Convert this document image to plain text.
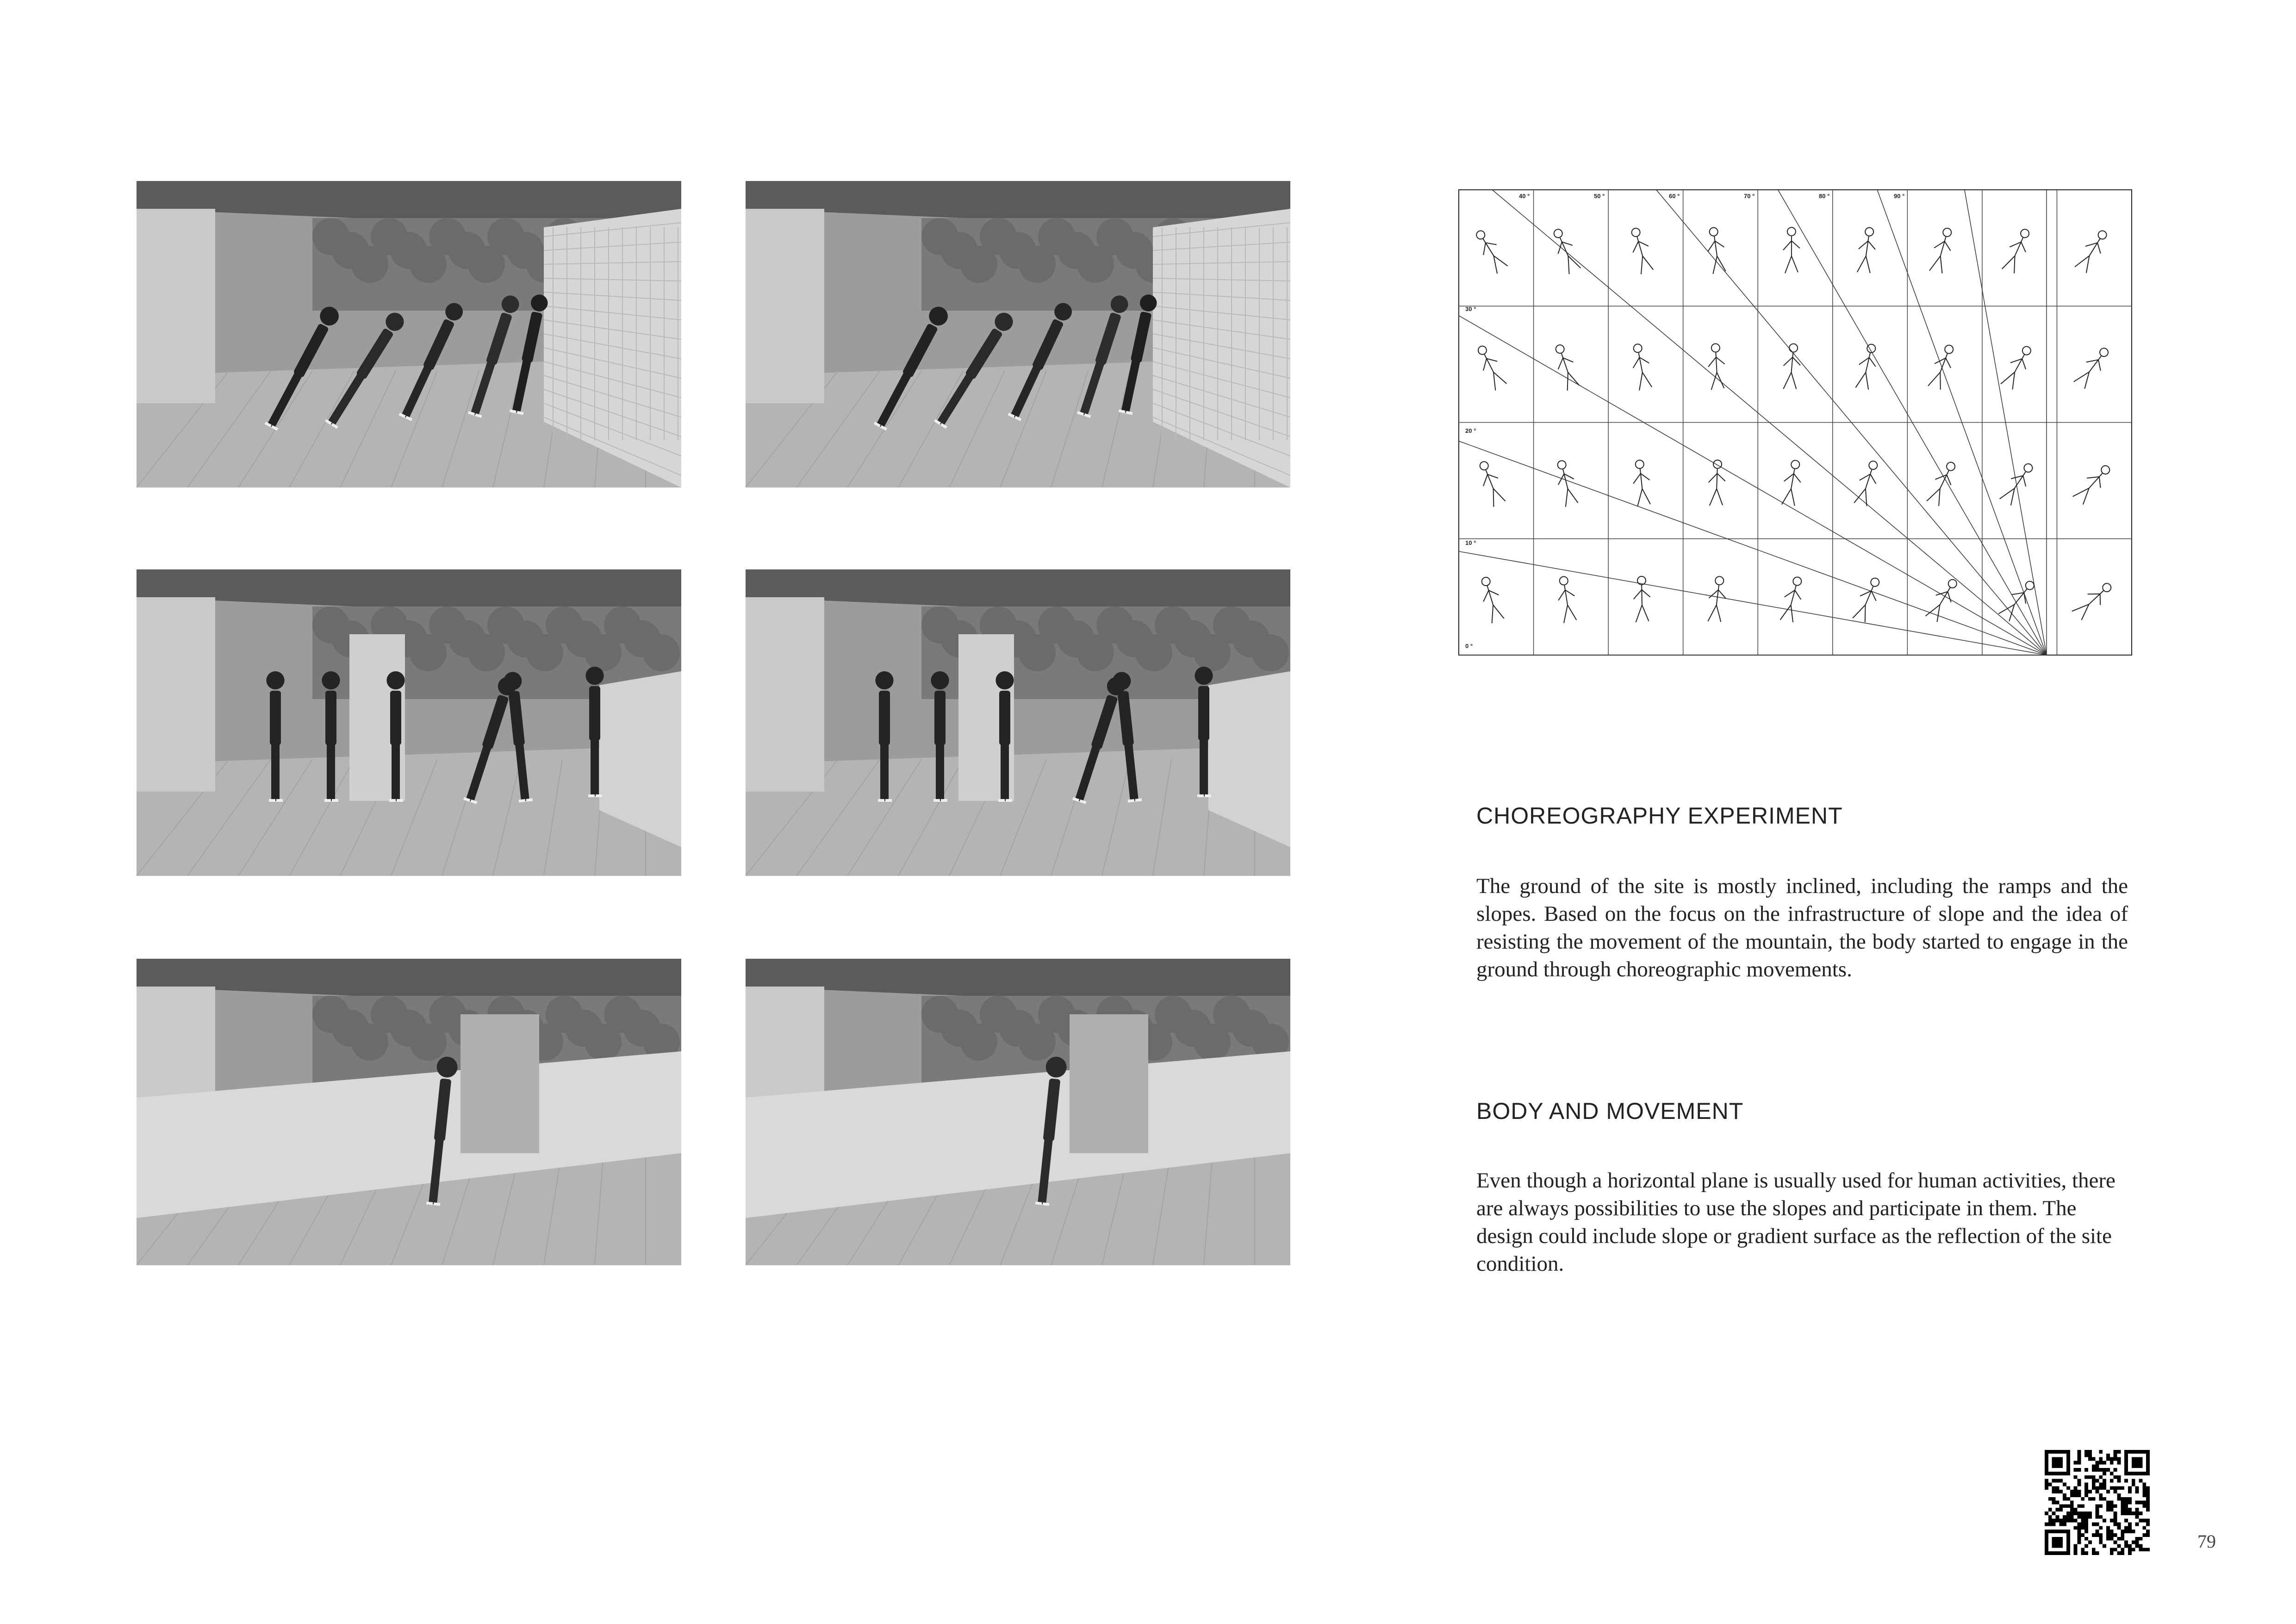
40 °	50 °	60 °	70 °	80 °	90 °
30 °
20 °
10 °
0 °
CHOREOGRAPHY EXPERIMENT

The ground of the site is mostly inclined, including the ramps and the slopes. Based on the focus on the infrastructure of slope and the idea of resisting the movement of the mountain, the body started to engage in the ground through choreographic movements.

BODY AND MOVEMENT

Even though a horizontal plane is usually used for human activities, there are always possibilities to use the slopes and participate in them. The design could include slope or gradient surface as the reflection of the site condition.

79
